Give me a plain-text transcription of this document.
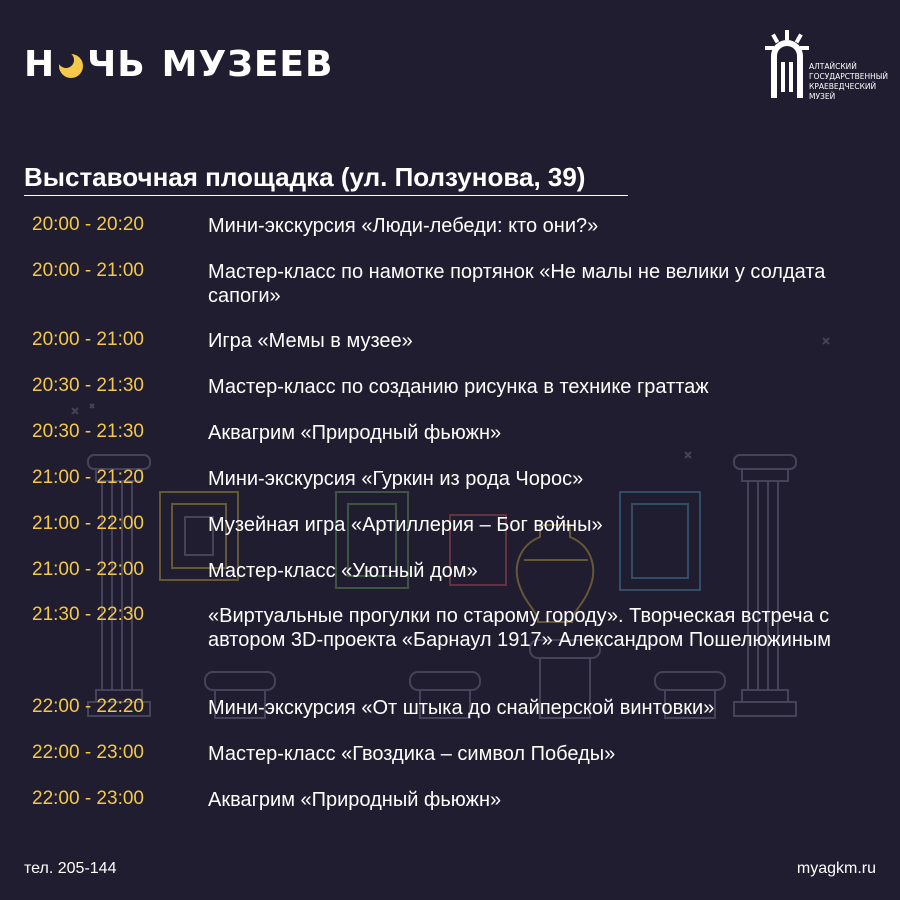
Н ЧЬ МУЗЕЕВ	АЛТАЙСКИЙ
ГОСУДАРСТВЕННЫЙ
КРАЕВЕДЧЕСКИЙ
МУЗЕЙ
Выставочная площадка (ул. Ползунова, 39)
20:00 - 20:20	Мини-экскурсия «Люди-лебеди: кто они?»
20:00 - 21:00	Мастер-класс по намотке портянок «Не малы не велики у солдата сапоги»
20:00 - 21:00	Игра «Мемы в музее»
20:30 - 21:30	Мастер-класс по созданию рисунка в технике граттаж
20:30 - 21:30	Аквагрим «Природный фьюжн»
21:00 - 21:20	Мини-экскурсия «Гуркин из рода Чорос»
21:00 - 22:00	Музейная игра «Артиллерия – Бог войны»
21:00 - 22:00	Мастер-класс «Уютный дом»
21:30 - 22:30	«Виртуальные прогулки по старому городу». Творческая встреча с автором 3D-проекта «Барнаул 1917» Александром Пошелюжиным
22:00 - 22:20	Мини-экскурсия «От штыка до снайперской винтовки»
22:00 - 23:00	Мастер-класс «Гвоздика – символ Победы»
22:00 - 23:00	Аквагрим «Природный фьюжн»
тел. 205-144	myagkm.ru
